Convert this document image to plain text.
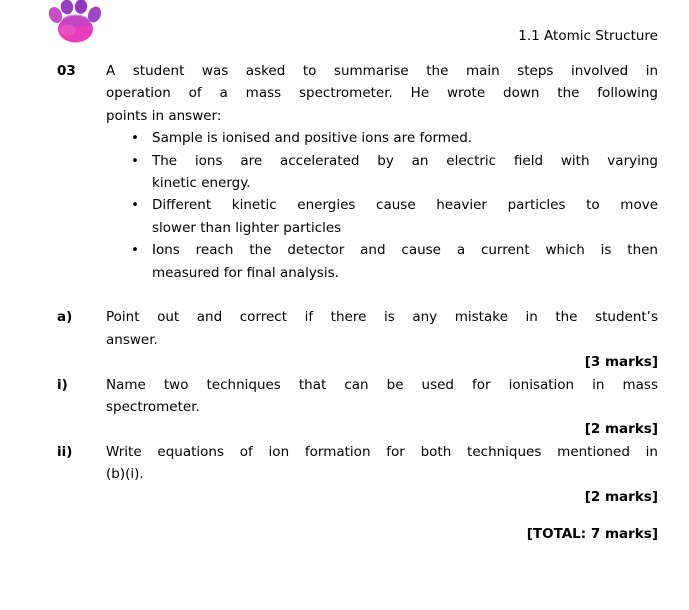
1.1 Atomic Structure
03	A student was asked to summarise the main steps involved in
operation of a mass spectrometer. He wrote down the following
points in answer:
• Sample is ionised and positive ions are formed.
• The ions are accelerated by an electric field with varying
kinetic energy.
• Different kinetic energies cause heavier particles to move
slower than lighter particles
• Ions reach the detector and cause a current which is then
measured for final analysis.
a)	Point out and correct if there is any mistake in the student’s
answer.
[3 marks]
i)	Name two techniques that can be used for ionisation in mass
spectrometer.
[2 marks]
ii)	Write equations of ion formation for both techniques mentioned in
(b)(i).
[2 marks]
[TOTAL: 7 marks]
